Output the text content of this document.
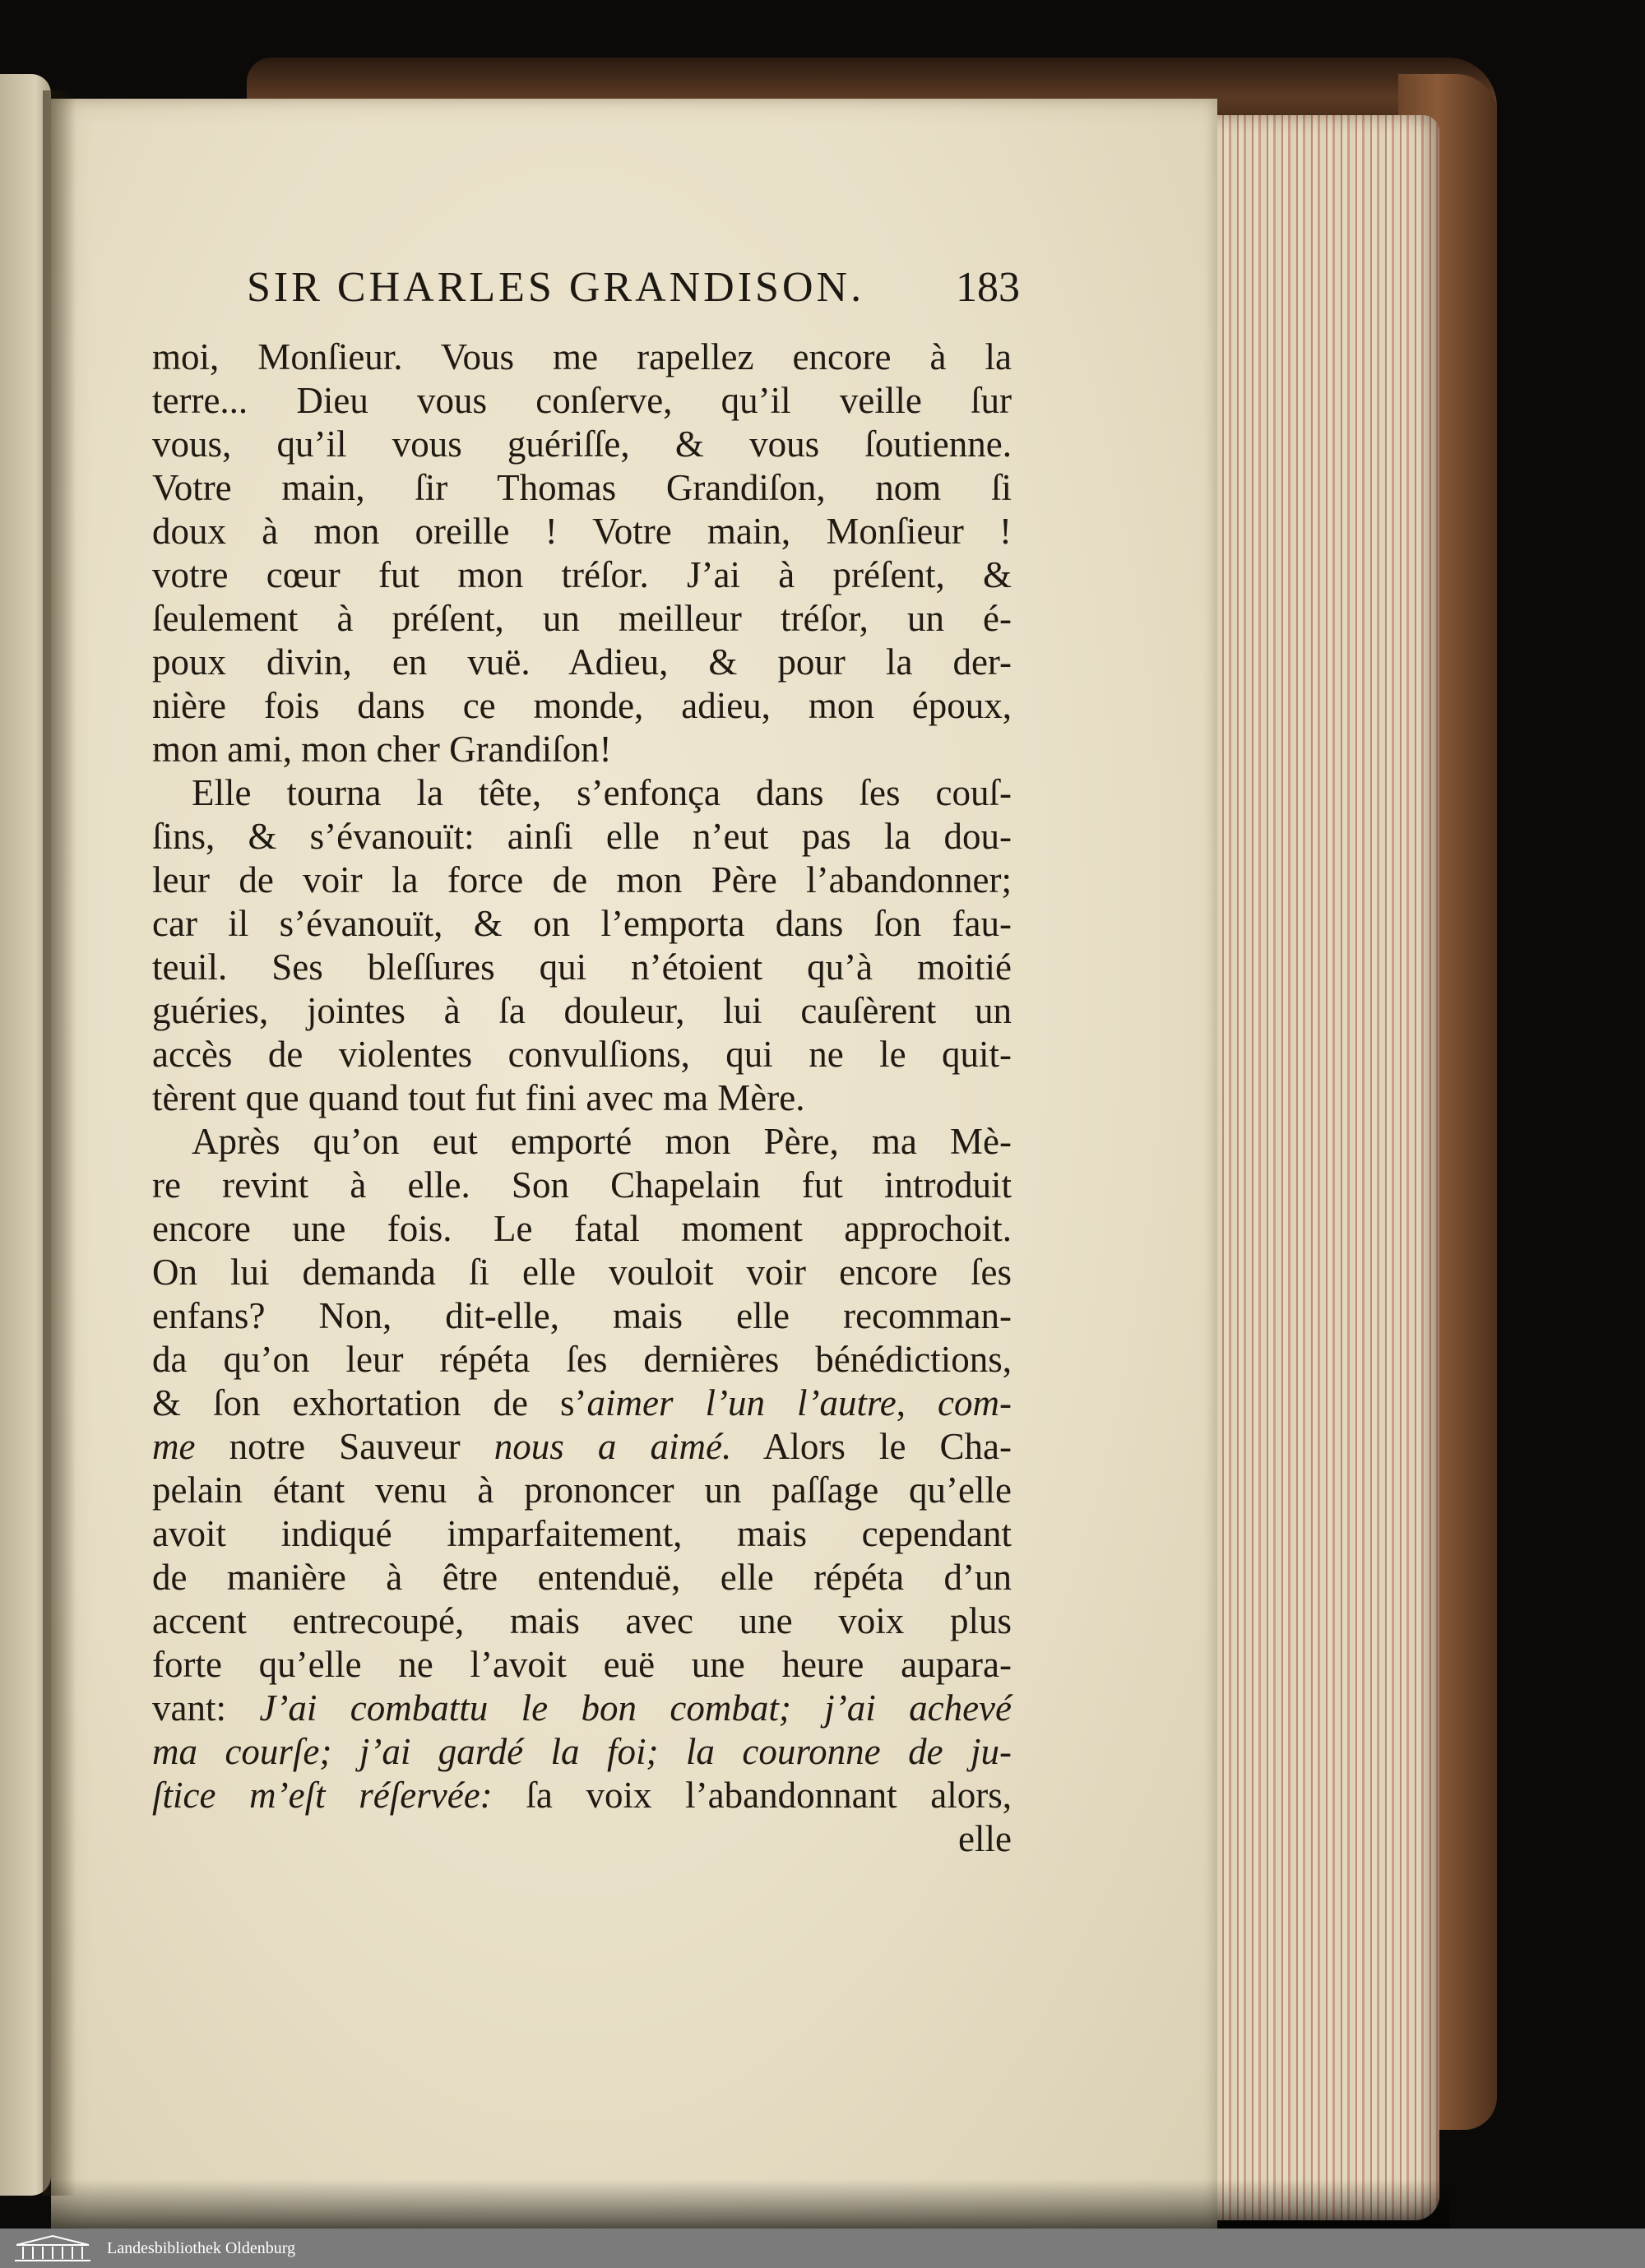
SIR CHARLES GRANDISON.	183
moi, Monſieur. Vous me rapellez encore à la
terre... Dieu vous conſerve, qu’il veille ſur
vous, qu’il vous guériſſe, & vous ſoutienne.
Votre main, ſir Thomas Grandiſon, nom ſi
doux à mon oreille ! Votre main, Monſieur !
votre cœur fut mon tréſor. J’ai à préſent, &
ſeulement à préſent, un meilleur tréſor, un é-
poux divin, en vuë. Adieu, & pour la der-
nière fois dans ce monde, adieu, mon époux,
mon ami, mon cher Grandiſon!
Elle tourna la tête, s’enfonça dans ſes couſ-
ſins, & s’évanouït: ainſi elle n’eut pas la dou-
leur de voir la force de mon Père l’abandonner;
car il s’évanouït, & on l’emporta dans ſon fau-
teuil. Ses bleſſures qui n’étoient qu’à moitié
guéries, jointes à ſa douleur, lui cauſèrent un
accès de violentes convulſions, qui ne le quit-
tèrent que quand tout fut fini avec ma Mère.
Après qu’on eut emporté mon Père, ma Mè-
re revint à elle. Son Chapelain fut introduit
encore une fois. Le fatal moment approchoit.
On lui demanda ſi elle vouloit voir encore ſes
enfans? Non, dit-elle, mais elle recomman-
da qu’on leur répéta ſes dernières bénédictions,
& ſon exhortation de s’aimer l’un l’autre, com-
me notre Sauveur nous a aimé. Alors le Cha-
pelain étant venu à prononcer un paſſage qu’elle
avoit indiqué imparfaitement, mais cependant
de manière à être entenduë, elle répéta d’un
accent entrecoupé, mais avec une voix plus
forte qu’elle ne l’avoit euë une heure aupara-
vant: J’ai combattu le bon combat; j’ai achevé
ma courſe; j’ai gardé la foi; la couronne de ju-
ſtice m’eſt réſervée: ſa voix l’abandonnant alors,
elle
Landesbibliothek Oldenburg
